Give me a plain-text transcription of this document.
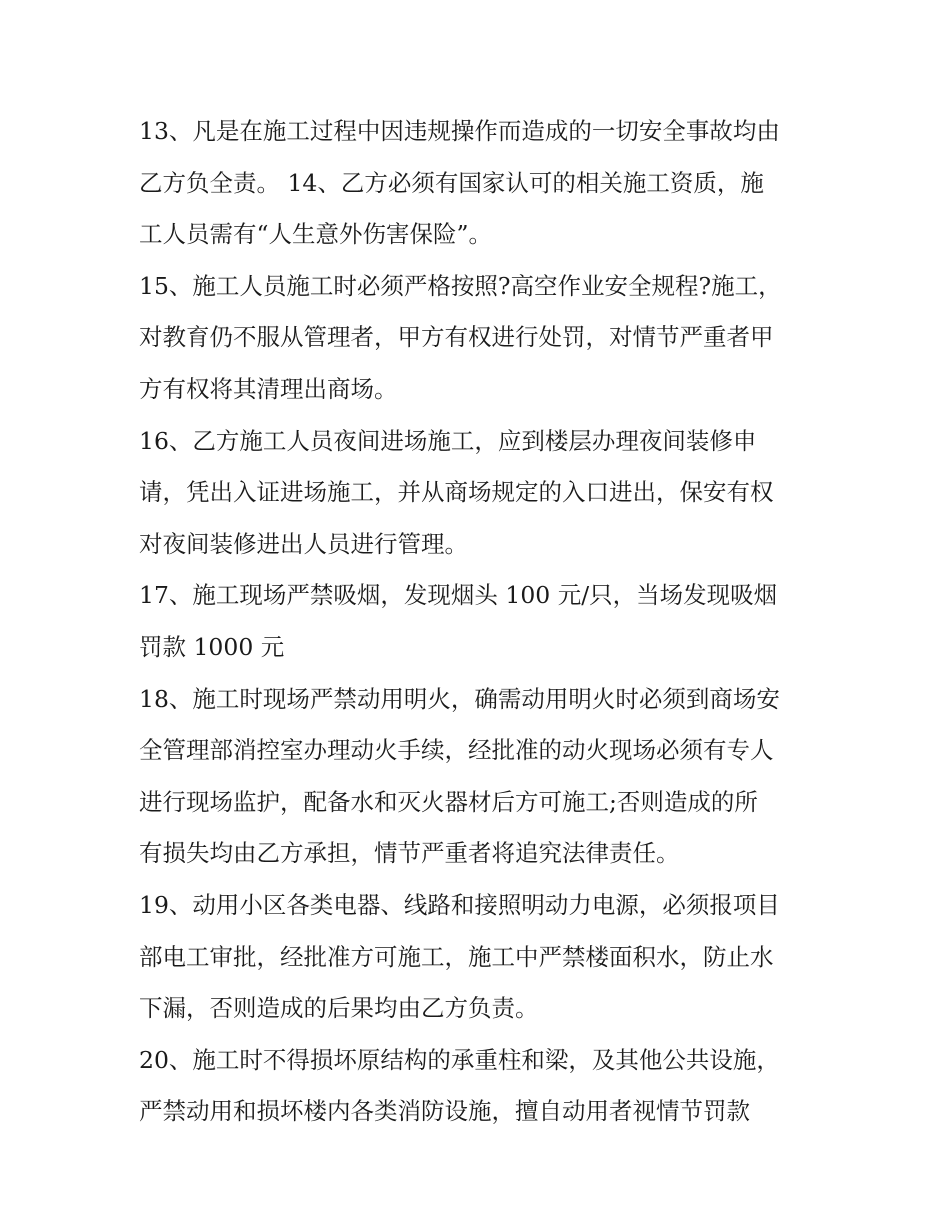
13、凡是在施工过程中因违规操作而造成的一切安全事故均由
乙方负全责。 14、乙方必须有国家认可的相关施工资质，施
工人员需有“人生意外伤害保险”。
15、施工人员施工时必须严格按照?高空作业安全规程?施工，
对教育仍不服从管理者，甲方有权进行处罚，对情节严重者甲
方有权将其清理出商场。
16、乙方施工人员夜间进场施工，应到楼层办理夜间装修申
请，凭出入证进场施工，并从商场规定的入口进出，保安有权
对夜间装修进出人员进行管理。
17、施工现场严禁吸烟，发现烟头 100 元/只，当场发现吸烟
罚款 1000 元
18、施工时现场严禁动用明火，确需动用明火时必须到商场安
全管理部消控室办理动火手续，经批准的动火现场必须有专人
进行现场监护，配备水和灭火器材后方可施工;否则造成的所
有损失均由乙方承担，情节严重者将追究法律责任。
19、动用小区各类电器、线路和接照明动力电源，必须报项目
部电工审批，经批准方可施工，施工中严禁楼面积水，防止水
下漏，否则造成的后果均由乙方负责。
20、施工时不得损坏原结构的承重柱和梁，及其他公共设施，
严禁动用和损坏楼内各类消防设施，擅自动用者视情节罚款
